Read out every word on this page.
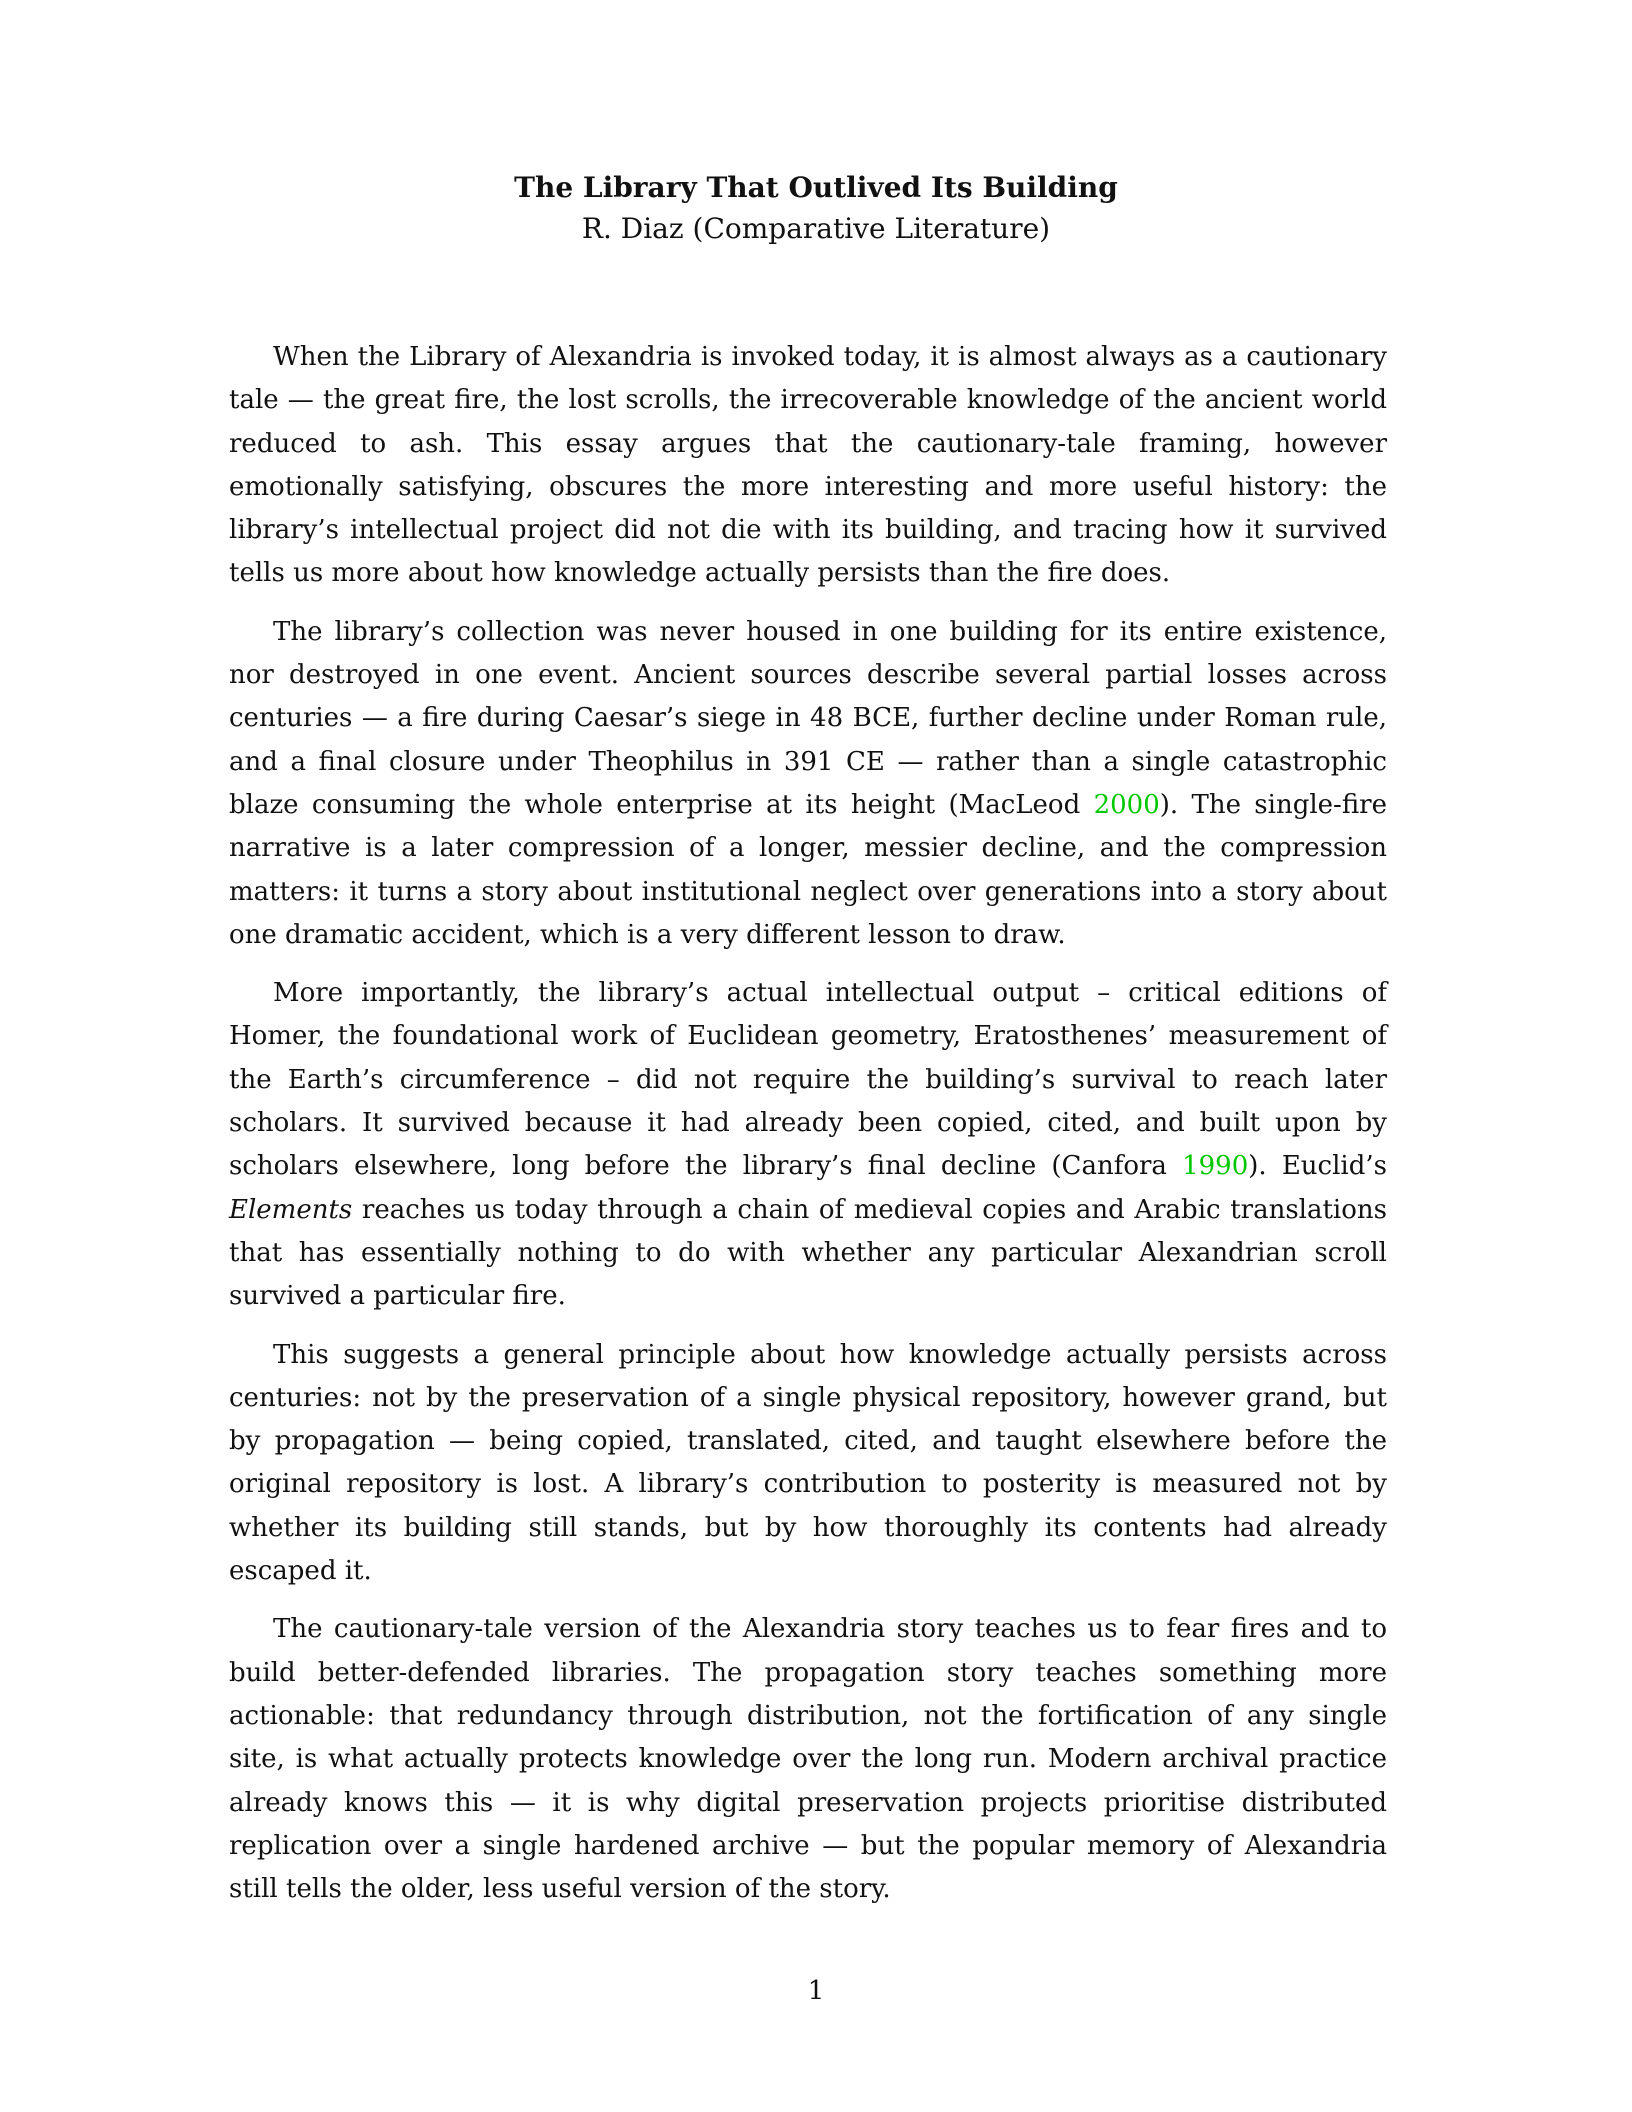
The Library That Outlived Its Building

R. Diaz (Comparative Literature)

When the Library of Alexandria is invoked today, it is almost always as a cautionary tale — the great fire, the lost scrolls, the irrecoverable knowledge of the ancient world reduced to ash. This essay argues that the cautionary-tale framing, however emotionally satisfying, obscures the more interesting and more useful history: the library’s intellectual project did not die with its building, and tracing how it survived tells us more about how knowledge actually persists than the fire does.

The library’s collection was never housed in one building for its entire existence, nor destroyed in one event. Ancient sources describe several partial losses across centuries — a fire during Caesar’s siege in 48 BCE, further decline under Roman rule, and a final closure under Theophilus in 391 CE — rather than a single catastrophic blaze consuming the whole enterprise at its height (MacLeod 2000). The single-fire narrative is a later compression of a longer, messier decline, and the compression matters: it turns a story about institutional neglect over generations into a story about one dramatic accident, which is a very different lesson to draw.

More importantly, the library’s actual intellectual output – critical editions of Homer, the foundational work of Euclidean geometry, Eratosthenes’ measurement of the Earth’s circumference – did not require the building’s survival to reach later scholars. It survived because it had already been copied, cited, and built upon by scholars elsewhere, long before the library’s final decline (Canfora 1990). Euclid’s Elements reaches us today through a chain of medieval copies and Arabic translations that has essentially nothing to do with whether any particular Alexandrian scroll survived a particular fire.

This suggests a general principle about how knowledge actually persists across centuries: not by the preservation of a single physical repository, however grand, but by propagation — being copied, translated, cited, and taught elsewhere before the original repository is lost. A library’s contribution to posterity is measured not by whether its building still stands, but by how thoroughly its contents had already escaped it.

The cautionary-tale version of the Alexandria story teaches us to fear fires and to build better-defended libraries. The propagation story teaches something more actionable: that redundancy through distribution, not the fortification of any single site, is what actually protects knowledge over the long run. Modern archival practice already knows this — it is why digital preservation projects prioritise distributed replication over a single hardened archive — but the popular memory of Alexandria still tells the older, less useful version of the story.

1
